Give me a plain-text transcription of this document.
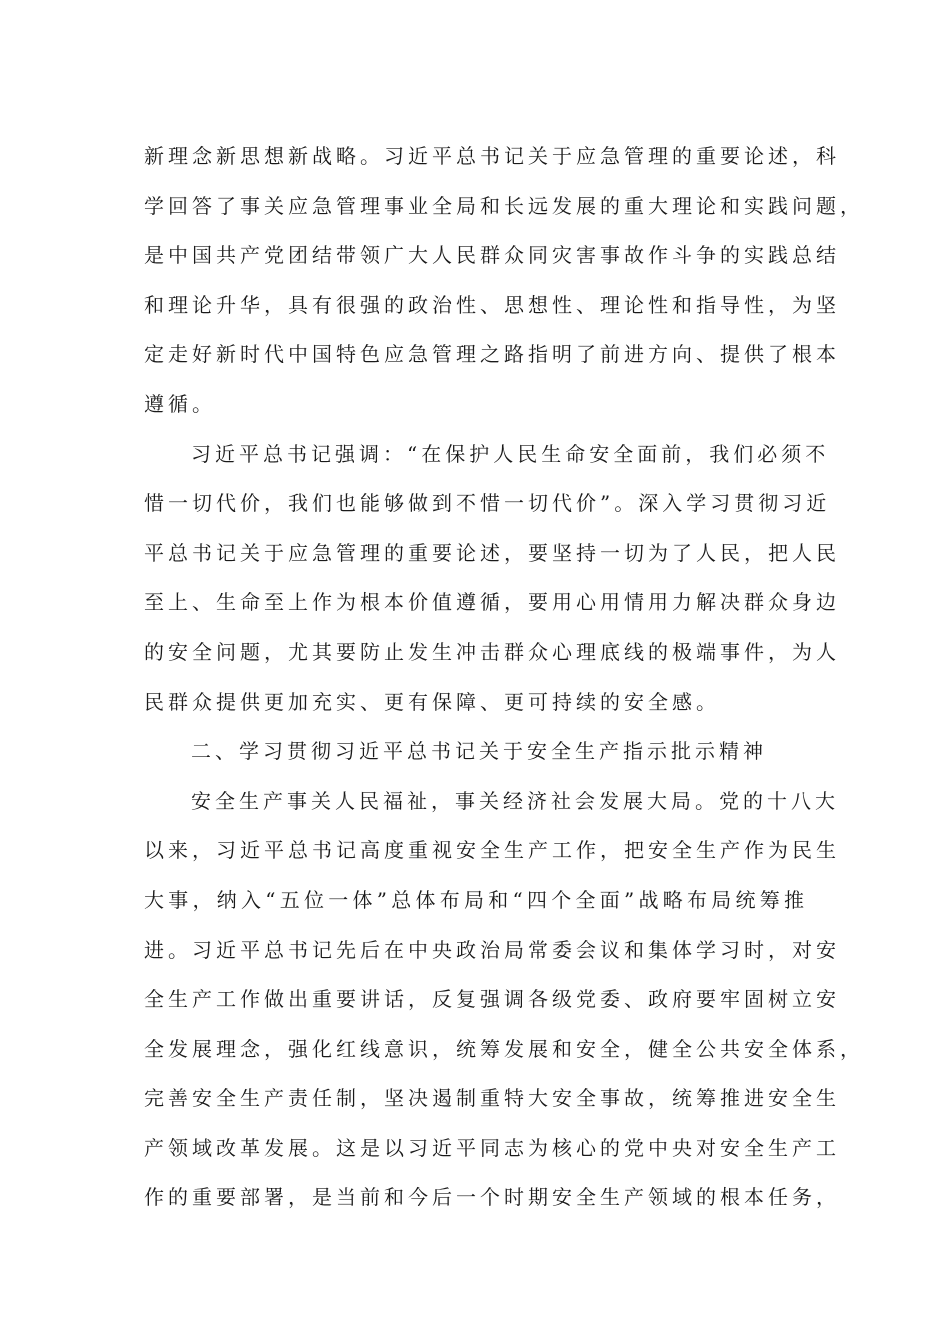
新理念新思想新战略。习近平总书记关于应急管理的重要论述，科
学回答了事关应急管理事业全局和长远发展的重大理论和实践问题，
是中国共产党团结带领广大人民群众同灾害事故作斗争的实践总结
和理论升华，具有很强的政治性、思想性、理论性和指导性，为坚
定走好新时代中国特色应急管理之路指明了前进方向、提供了根本
遵循。
习近平总书记强调：“在保护人民生命安全面前，我们必须不
惜一切代价，我们也能够做到不惜一切代价”。深入学习贯彻习近
平总书记关于应急管理的重要论述，要坚持一切为了人民，把人民
至上、生命至上作为根本价值遵循，要用心用情用力解决群众身边
的安全问题，尤其要防止发生冲击群众心理底线的极端事件，为人
民群众提供更加充实、更有保障、更可持续的安全感。
二、学习贯彻习近平总书记关于安全生产指示批示精神
安全生产事关人民福祉，事关经济社会发展大局。党的十八大
以来，习近平总书记高度重视安全生产工作，把安全生产作为民生
大事，纳入“五位一体”总体布局和“四个全面”战略布局统筹推
进。习近平总书记先后在中央政治局常委会议和集体学习时，对安
全生产工作做出重要讲话，反复强调各级党委、政府要牢固树立安
全发展理念，强化红线意识，统筹发展和安全，健全公共安全体系，
完善安全生产责任制，坚决遏制重特大安全事故，统筹推进安全生
产领域改革发展。这是以习近平同志为核心的党中央对安全生产工
作的重要部署，是当前和今后一个时期安全生产领域的根本任务，
